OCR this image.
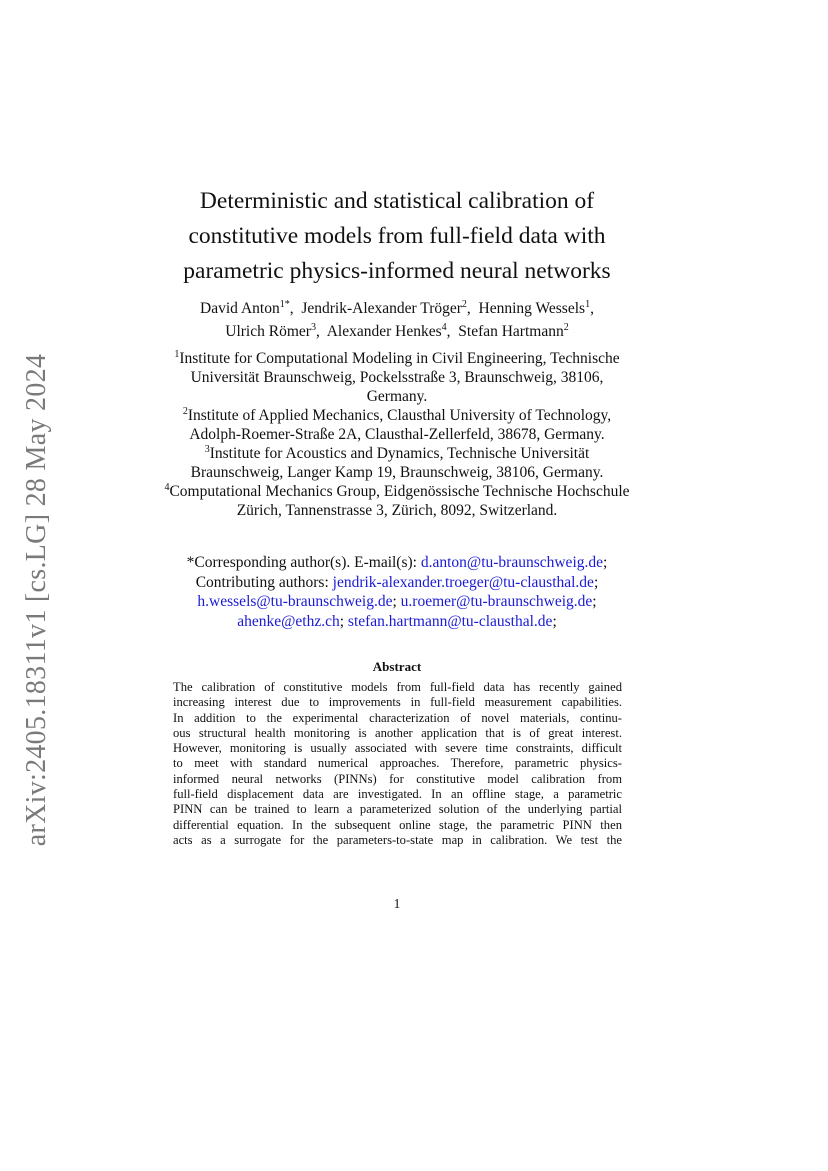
arXiv:2405.18311v1 [cs.LG] 28 May 2024
Deterministic and statistical calibration of
constitutive models from full-field data with
parametric physics-informed neural networks
David Anton$^{1*}$,  Jendrik-Alexander Tröger$^2$,  Henning Wessels$^1$,
Ulrich Römer$^3$,  Alexander Henkes$^4$,  Stefan Hartmann$^2$
$^1$Institute for Computational Modeling in Civil Engineering, Technische
Universität Braunschweig, Pockelsstraße 3, Braunschweig, 38106,
Germany.
$^2$Institute of Applied Mechanics, Clausthal University of Technology,
Adolph-Roemer-Straße 2A, Clausthal-Zellerfeld, 38678, Germany.
$^3$Institute for Acoustics and Dynamics, Technische Universität
Braunschweig, Langer Kamp 19, Braunschweig, 38106, Germany.
$^4$Computational Mechanics Group, Eidgenössische Technische Hochschule
Zürich, Tannenstrasse 3, Zürich, 8092, Switzerland.
*Corresponding author(s). E-mail(s): d.anton@tu-braunschweig.de;
Contributing authors: jendrik-alexander.troeger@tu-clausthal.de;
h.wessels@tu-braunschweig.de; u.roemer@tu-braunschweig.de;
ahenke@ethz.ch; stefan.hartmann@tu-clausthal.de;
Abstract
The calibration of constitutive models from full-field data has recently gained
increasing interest due to improvements in full-field measurement capabilities.
In addition to the experimental characterization of novel materials, continu-
ous structural health monitoring is another application that is of great interest.
However, monitoring is usually associated with severe time constraints, difficult
to meet with standard numerical approaches. Therefore, parametric physics-
informed neural networks (PINNs) for constitutive model calibration from
full-field displacement data are investigated. In an offline stage, a parametric
PINN can be trained to learn a parameterized solution of the underlying partial
differential equation. In the subsequent online stage, the parametric PINN then
acts as a surrogate for the parameters-to-state map in calibration. We test the
1
